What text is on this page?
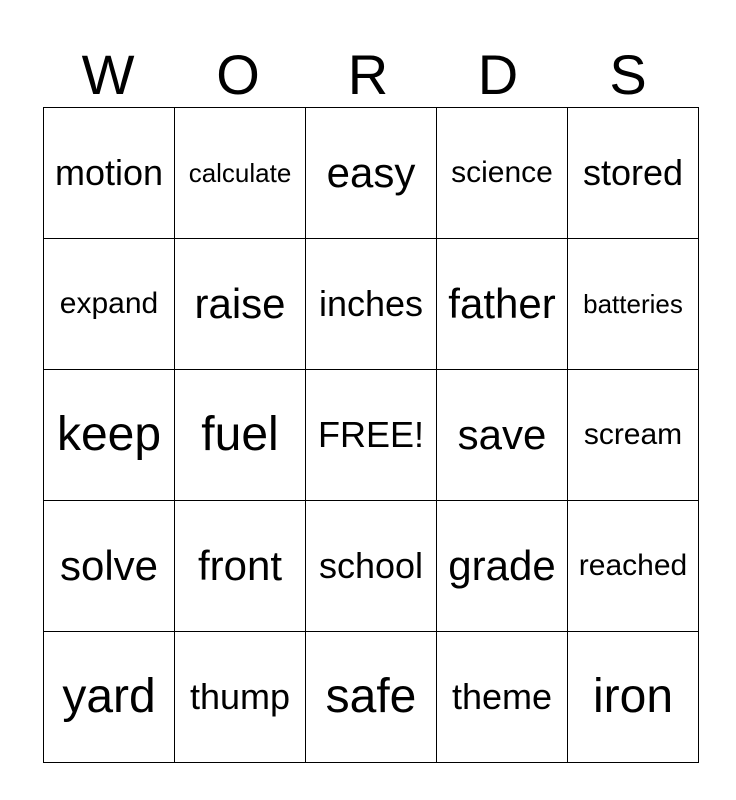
W	O	R	D	S
motion	calculate	easy	science	stored
expand	raise	inches	father	batteries
keep	fuel	FREE!	save	scream
solve	front	school	grade	reached
yard	thump	safe	theme	iron
